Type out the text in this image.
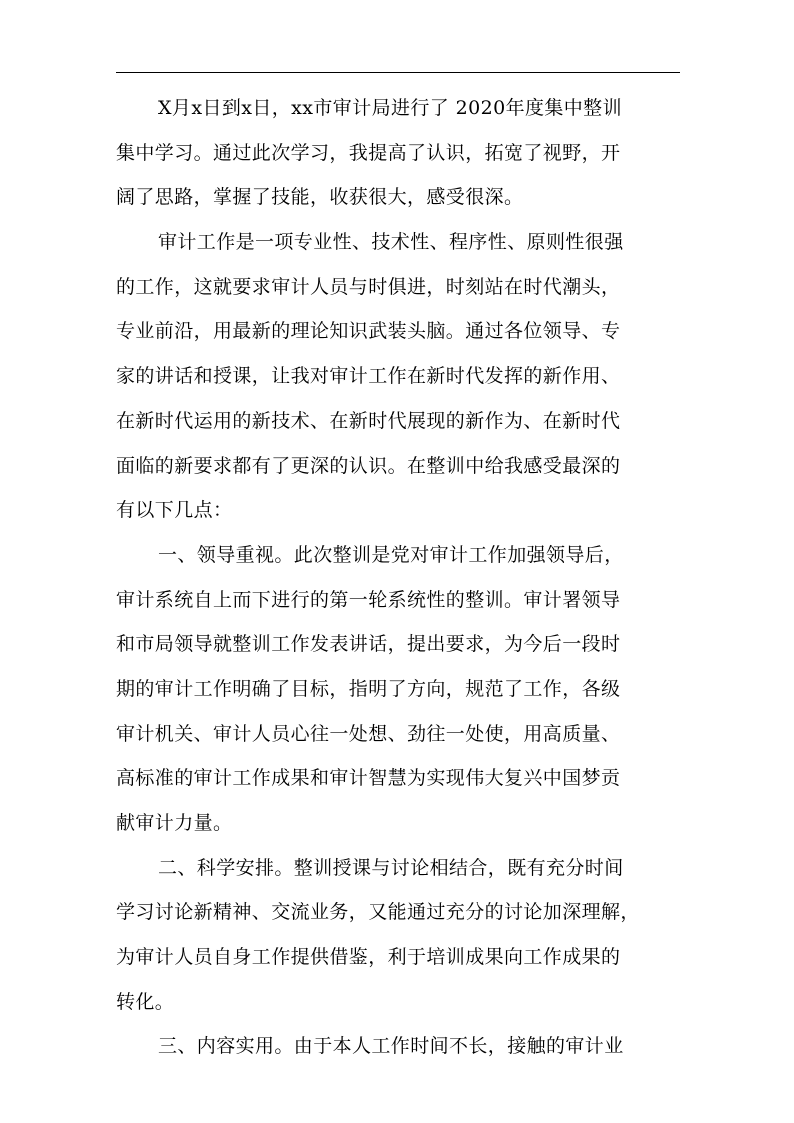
X月x日到x日，xx市审计局进行了 2020年度集中整训
集中学习。通过此次学习，我提高了认识，拓宽了视野，开
阔了思路，掌握了技能，收获很大，感受很深。
审计工作是一项专业性、技术性、程序性、原则性很强
的工作，这就要求审计人员与时俱进，时刻站在时代潮头，
专业前沿，用最新的理论知识武装头脑。通过各位领导、专
家的讲话和授课，让我对审计工作在新时代发挥的新作用、
在新时代运用的新技术、在新时代展现的新作为、在新时代
面临的新要求都有了更深的认识。在整训中给我感受最深的
有以下几点：
一、领导重视。此次整训是党对审计工作加强领导后，
审计系统自上而下进行的第一轮系统性的整训。审计署领导
和市局领导就整训工作发表讲话，提出要求，为今后一段时
期的审计工作明确了目标，指明了方向，规范了工作，各级
审计机关、审计人员心往一处想、劲往一处使，用高质量、
高标准的审计工作成果和审计智慧为实现伟大复兴中国梦贡
献审计力量。
二、科学安排。整训授课与讨论相结合，既有充分时间
学习讨论新精神、交流业务，又能通过充分的讨论加深理解，
为审计人员自身工作提供借鉴，利于培训成果向工作成果的
转化。
三、内容实用。由于本人工作时间不长，接触的审计业
